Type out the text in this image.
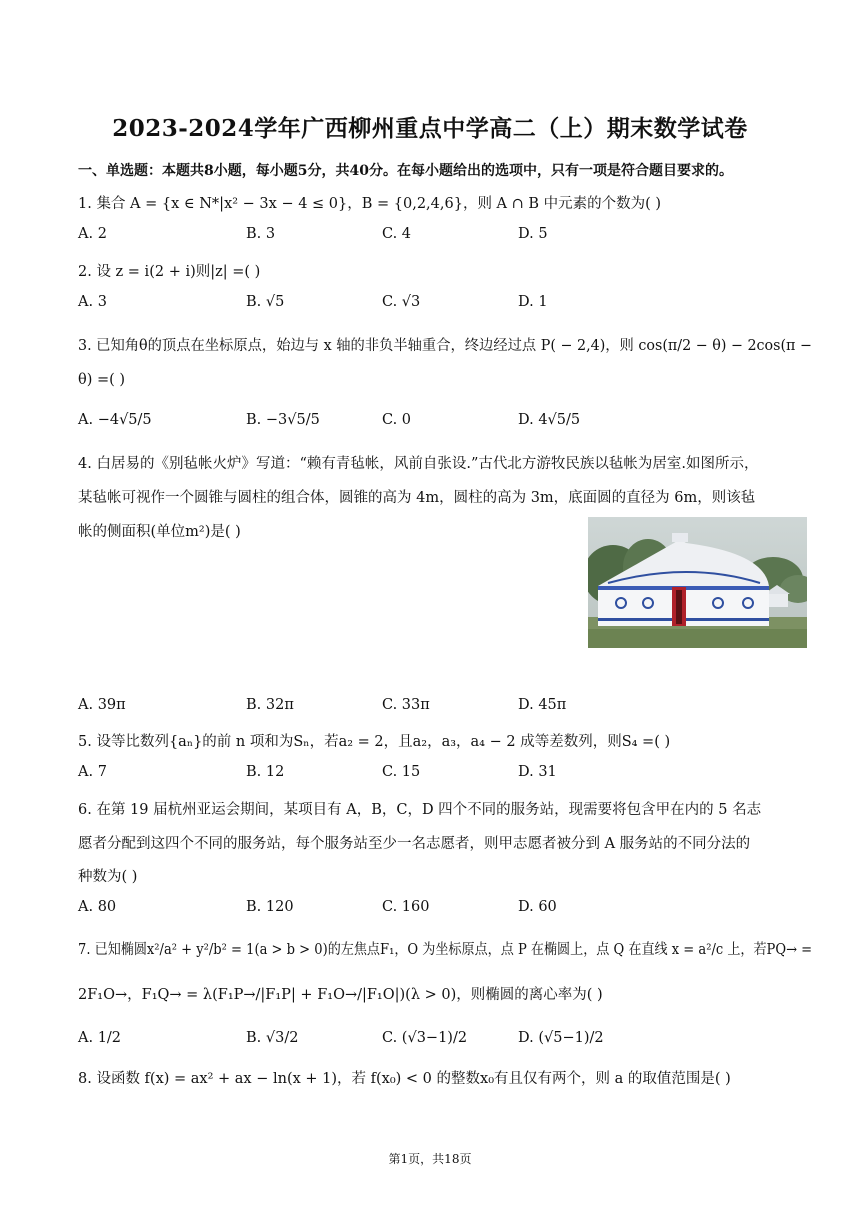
2023-2024学年广西柳州重点中学高二（上）期末数学试卷
一、单选题：本题共8小题，每小题5分，共40分。在每小题给出的选项中，只有一项是符合题目要求的。
1. 集合 A = {x ∈ N*|x² − 3x − 4 ≤ 0}，B = {0,2,4,6}，则 A ∩ B 中元素的个数为( )
A. 2	B. 3	C. 4	D. 5
2. 设 z = i(2 + i)则|z| =( )
A. 3	B. √5	C. √3	D. 1
3. 已知角θ的顶点在坐标原点，始边与 x 轴的非负半轴重合，终边经过点 P( − 2,4)，则 cos(π/2 − θ) − 2cos(π −
θ) =( )
A. −4√5/5	B. −3√5/5	C. 0	D. 4√5/5
4. 白居易的《别毡帐火炉》写道：“赖有青毡帐，风前自张设.”古代北方游牧民族以毡帐为居室.如图所示，
某毡帐可视作一个圆锥与圆柱的组合体，圆锥的高为 4m，圆柱的高为 3m，底面圆的直径为 6m，则该毡
帐的侧面积(单位m²)是( )
A. 39π	B. 32π	C. 33π	D. 45π
5. 设等比数列{aₙ}的前 n 项和为Sₙ，若a₂ = 2，且a₂，a₃，a₄ − 2 成等差数列，则S₄ =( )
A. 7	B. 12	C. 15	D. 31
6. 在第 19 届杭州亚运会期间，某项目有 A，B，C，D 四个不同的服务站，现需要将包含甲在内的 5 名志
愿者分配到这四个不同的服务站，每个服务站至少一名志愿者，则甲志愿者被分到 A 服务站的不同分法的
种数为( )
A. 80	B. 120	C. 160	D. 60
7. 已知椭圆x²/a² + y²/b² = 1(a > b > 0)的左焦点F₁，O 为坐标原点，点 P 在椭圆上，点 Q 在直线 x = a²/c 上，若PQ→ =
2F₁O→，F₁Q→ = λ(F₁P→/|F₁P| + F₁O→/|F₁O|)(λ > 0)，则椭圆的离心率为( )
A. 1/2	B. √3/2	C. (√3−1)/2	D. (√5−1)/2
8. 设函数 f(x) = ax² + ax − ln(x + 1)，若 f(x₀) < 0 的整数x₀有且仅有两个，则 a 的取值范围是( )
第1页，共18页
